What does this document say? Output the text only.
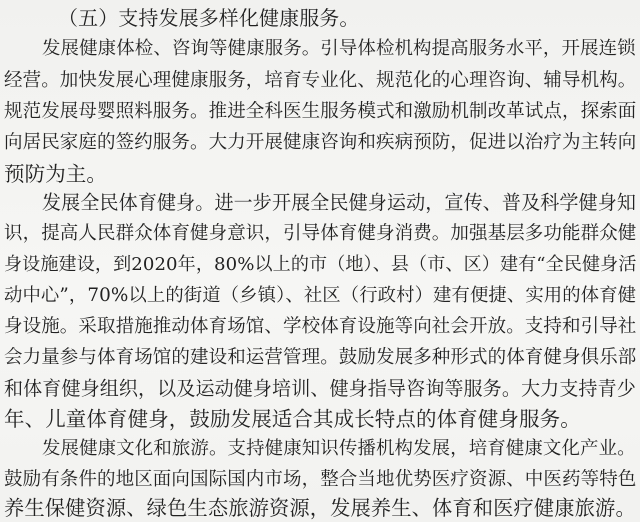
（五）支持发展多样化健康服务。
发展健康体检、咨询等健康服务。引导体检机构提高服务水平，开展连锁
经营。加快发展心理健康服务，培育专业化、规范化的心理咨询、辅导机构。
规范发展母婴照料服务。推进全科医生服务模式和激励机制改革试点，探索面
向居民家庭的签约服务。大力开展健康咨询和疾病预防，促进以治疗为主转向
预防为主。
发展全民体育健身。进一步开展全民健身运动，宣传、普及科学健身知
识，提高人民群众体育健身意识，引导体育健身消费。加强基层多功能群众健
身设施建设，到2020年，80%以上的市（地）、县（市、区）建有“全民健身活
动中心”，70%以上的街道（乡镇）、社区（行政村）建有便捷、实用的体育健
身设施。采取措施推动体育场馆、学校体育设施等向社会开放。支持和引导社
会力量参与体育场馆的建设和运营管理。鼓励发展多种形式的体育健身俱乐部
和体育健身组织，以及运动健身培训、健身指导咨询等服务。大力支持青少
年、儿童体育健身，鼓励发展适合其成长特点的体育健身服务。
发展健康文化和旅游。支持健康知识传播机构发展，培育健康文化产业。
鼓励有条件的地区面向国际国内市场，整合当地优势医疗资源、中医药等特色
养生保健资源、绿色生态旅游资源，发展养生、体育和医疗健康旅游。
